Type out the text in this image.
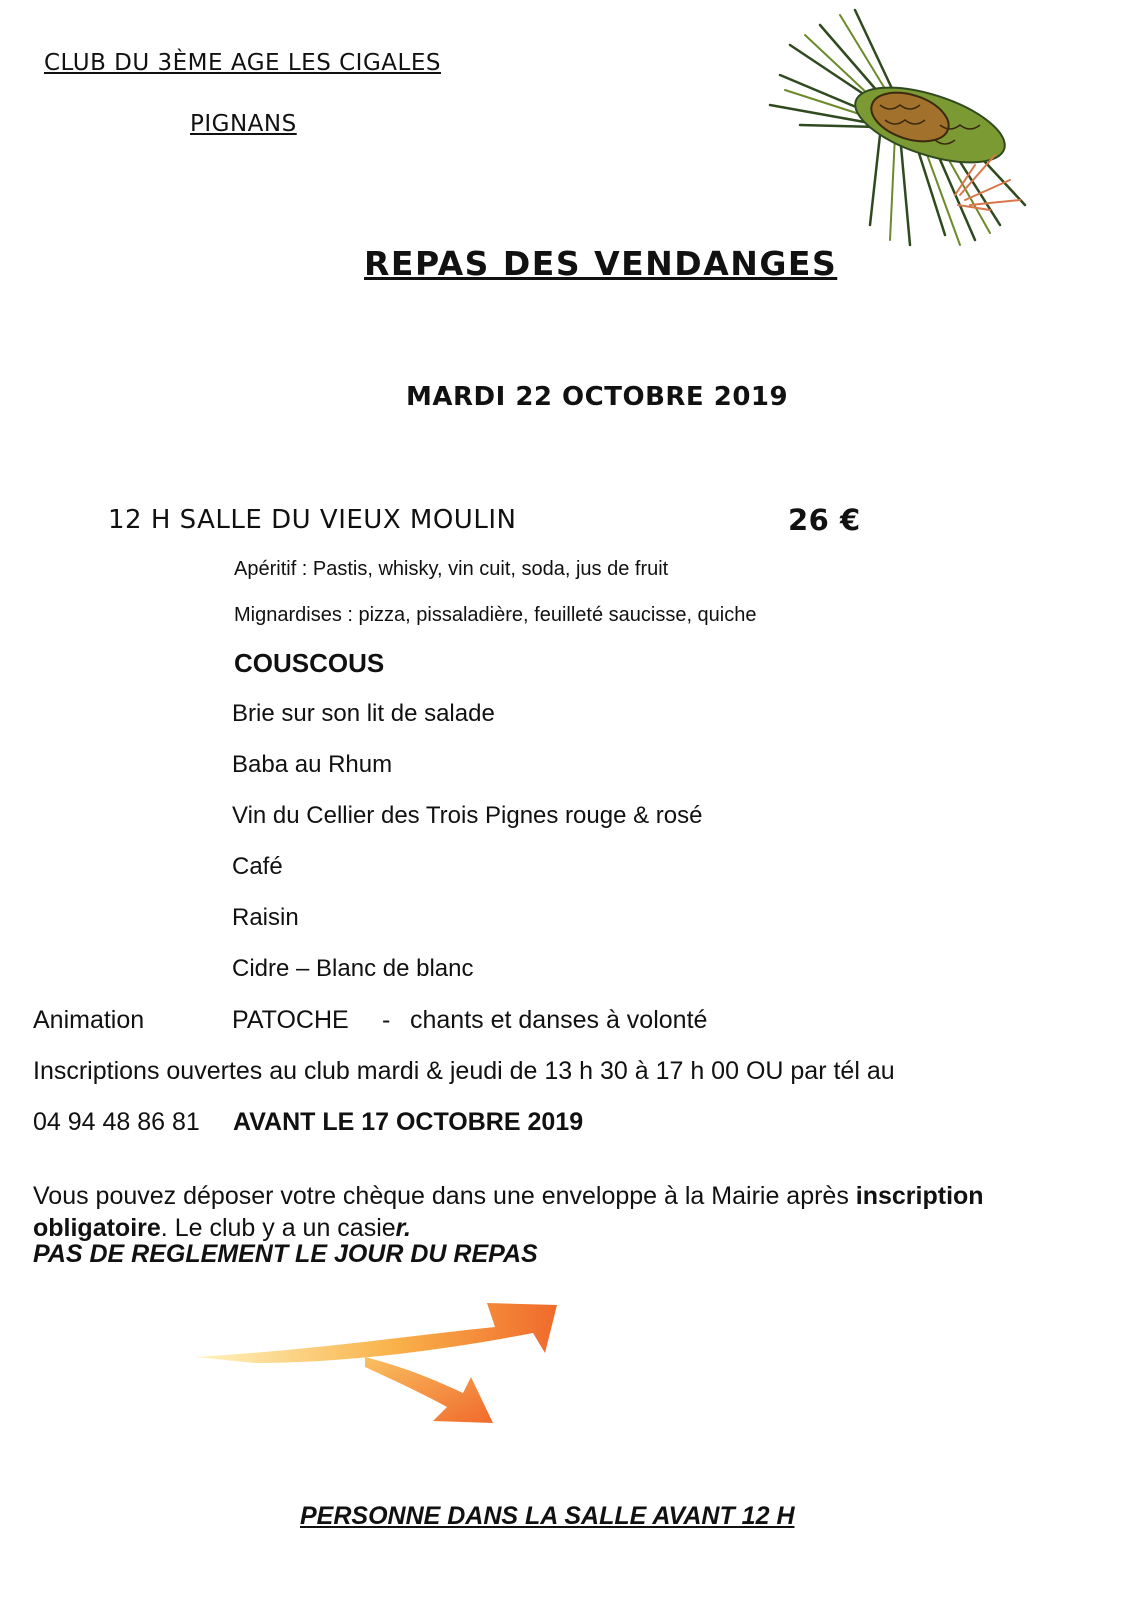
CLUB DU 3ÈME AGE LES CIGALES
PIGNANS
REPAS DES VENDANGES
MARDI 22 OCTOBRE 2019
12 H SALLE DU VIEUX MOULIN	26 €
Apéritif : Pastis, whisky, vin cuit, soda, jus de fruit
Mignardises : pizza, pissaladière, feuilleté saucisse, quiche
COUSCOUS
Brie sur son lit de salade
Baba au Rhum
Vin du Cellier des Trois Pignes rouge & rosé
Café
Raisin
Cidre – Blanc de blanc
Animation	PATOCHE - chants et danses à volonté
Inscriptions ouvertes au club mardi & jeudi de 13 h 30 à 17 h 00 OU par tél au
04 94 48 86 81 AVANT LE 17 OCTOBRE 2019
Vous pouvez déposer votre chèque dans une enveloppe à la Mairie après inscription obligatoire. Le club y a un casier.
PAS DE REGLEMENT LE JOUR DU REPAS
PERSONNE DANS LA SALLE AVANT 12 H
